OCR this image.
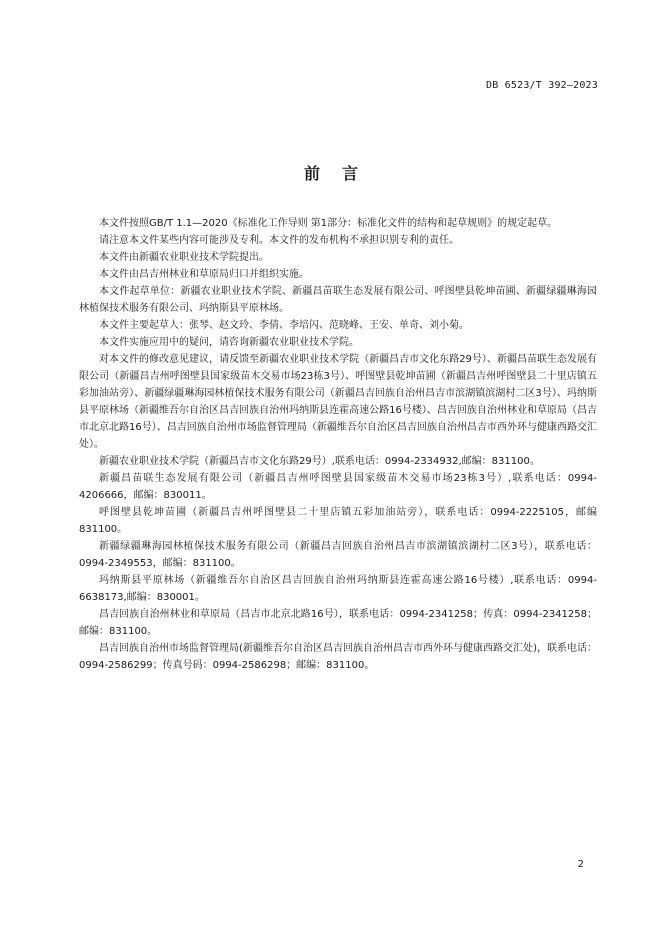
DB 6523/T 392—2023
前言

本文件按照GB/T 1.1—2020《标准化工作导则 第1部分：标准化文件的结构和起草规则》的规定起草。

请注意本文件某些内容可能涉及专利。本文件的发布机构不承担识别专利的责任。

本文件由新疆农业职业技术学院提出。

本文件由昌吉州林业和草原局归口并组织实施。

本文件起草单位：新疆农业职业技术学院、新疆昌苗联生态发展有限公司、呼图壁县乾坤苗圃、新疆绿疆琳海园林植保技术服务有限公司、玛纳斯县平原林场。

本文件主要起草人：张琴、赵文玲、李倩、李培闪、范晓峰、王安、单奇、刘小菊。

本文件实施应用中的疑问，请咨询新疆农业职业技术学院。

对本文件的修改意见建议，请反馈至新疆农业职业技术学院（新疆昌吉市文化东路29号）、新疆昌苗联生态发展有限公司（新疆昌吉州呼图壁县国家级苗木交易市场23栋3号）、呼图壁县乾坤苗圃（新疆昌吉州呼图壁县二十里店镇五彩加油站旁）、新疆绿疆琳海园林植保技术服务有限公司（新疆昌吉回族自治州昌吉市滨湖镇滨湖村二区3号）、玛纳斯县平原林场（新疆维吾尔自治区昌吉回族自治州玛纳斯县连霍高速公路16号楼）、昌吉回族自治州林业和草原局（昌吉市北京北路16号）、昌吉回族自治州市场监督管理局（新疆维吾尔自治区昌吉回族自治州昌吉市西外环与健康西路交汇处）。

新疆农业职业技术学院（新疆昌吉市文化东路29号）,联系电话：0994-2334932,邮编：831100。

新疆昌苗联生态发展有限公司（新疆昌吉州呼图壁县国家级苗木交易市场23栋3号）,联系电话：0994-4206666，邮编：830011。

呼图壁县乾坤苗圃（新疆昌吉州呼图壁县二十里店镇五彩加油站旁），联系电话：0994-2225105，邮编831100。

新疆绿疆琳海园林植保技术服务有限公司（新疆昌吉回族自治州昌吉市滨湖镇滨湖村二区3号），联系电话：0994-2349553，邮编：831100。

玛纳斯县平原林场（新疆维吾尔自治区昌吉回族自治州玛纳斯县连霍高速公路16号楼）,联系电话：0994-6638173,邮编：830001。

昌吉回族自治州林业和草原局（昌吉市北京北路16号），联系电话：0994-2341258；传真：0994-2341258； 邮编：831100。

昌吉回族自治州市场监督管理局(新疆维吾尔自治区昌吉回族自治州昌吉市西外环与健康西路交汇处)，联系电话：0994-2586299；传真号码：0994-2586298；邮编：831100。

2
